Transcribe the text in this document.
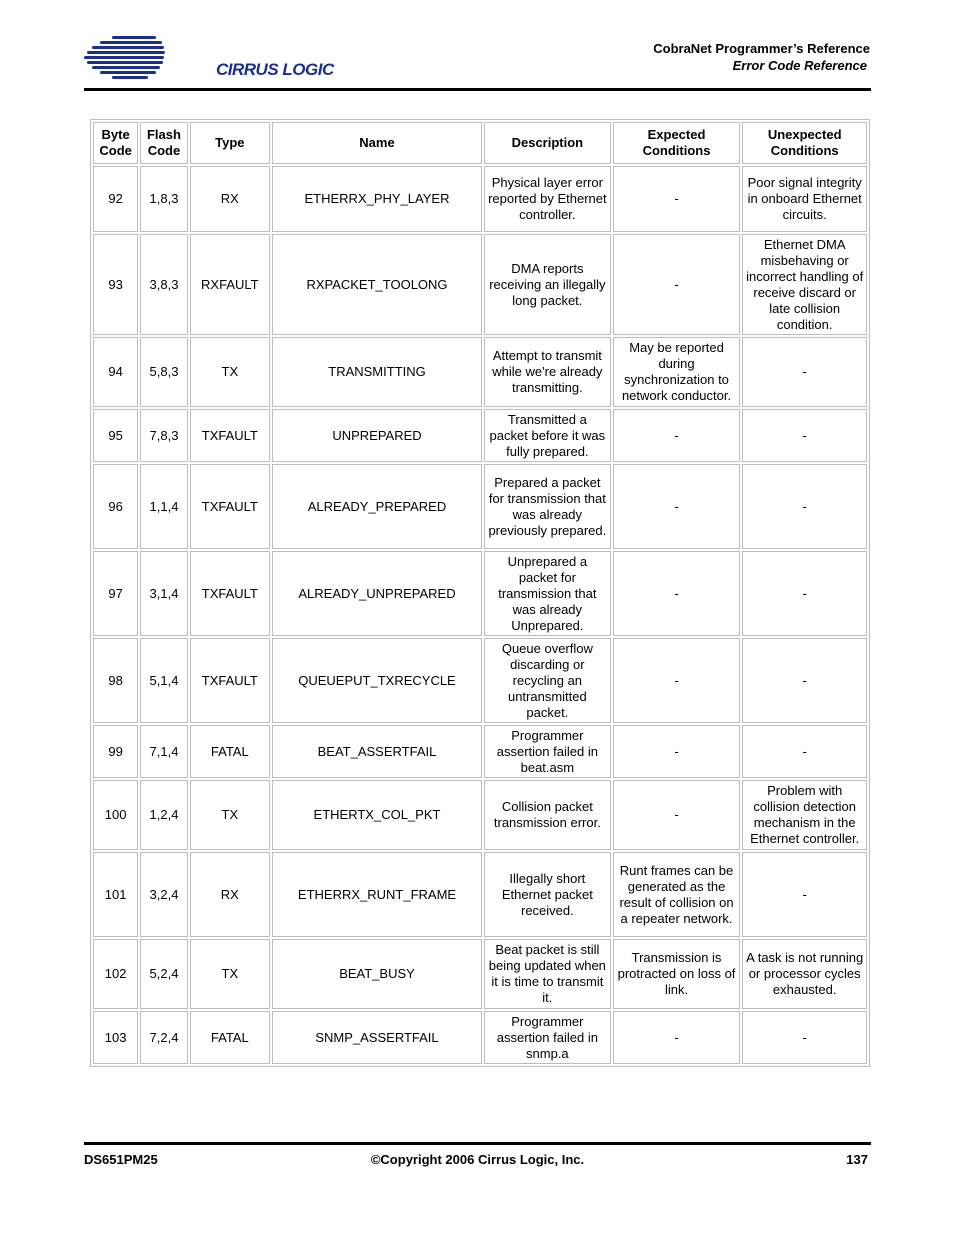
CIRRUS LOGIC
CobraNet Programmer’s Reference
Error Code Reference
Byte Code	Flash Code	Type	Name	Description	Expected Conditions	Unexpected Conditions
92	1,8,3	RX	ETHERRX_PHY_LAYER	Physical layer error reported by Ethernet controller.	-	Poor signal integrity in onboard Ethernet circuits.
93	3,8,3	RXFAULT	RXPACKET_TOOLONG	DMA reports receiving an illegally long packet.	-	Ethernet DMA misbehaving or incorrect handling of receive discard or late collision condition.
94	5,8,3	TX	TRANSMITTING	Attempt to transmit while we're already transmitting.	May be reported during synchronization to network conductor.	-
95	7,8,3	TXFAULT	UNPREPARED	Transmitted a packet before it was fully prepared.	-	-
96	1,1,4	TXFAULT	ALREADY_PREPARED	Prepared a packet for transmission that was already previously prepared.	-	-
97	3,1,4	TXFAULT	ALREADY_UNPREPARED	Unprepared a packet for transmission that was already Unprepared.	-	-
98	5,1,4	TXFAULT	QUEUEPUT_TXRECYCLE	Queue overflow discarding or recycling an untransmitted packet.	-	-
99	7,1,4	FATAL	BEAT_ASSERTFAIL	Programmer assertion failed in beat.asm	-	-
100	1,2,4	TX	ETHERTX_COL_PKT	Collision packet transmission error.	-	Problem with collision detection mechanism in the Ethernet controller.
101	3,2,4	RX	ETHERRX_RUNT_FRAME	Illegally short Ethernet packet received.	Runt frames can be generated as the result of collision on a repeater network.	-
102	5,2,4	TX	BEAT_BUSY	Beat packet is still being updated when it is time to transmit it.	Transmission is protracted on loss of link.	A task is not running or processor cycles exhausted.
103	7,2,4	FATAL	SNMP_ASSERTFAIL	Programmer assertion failed in snmp.a	-	-
DS651PM25	©Copyright 2006 Cirrus Logic, Inc.	137
